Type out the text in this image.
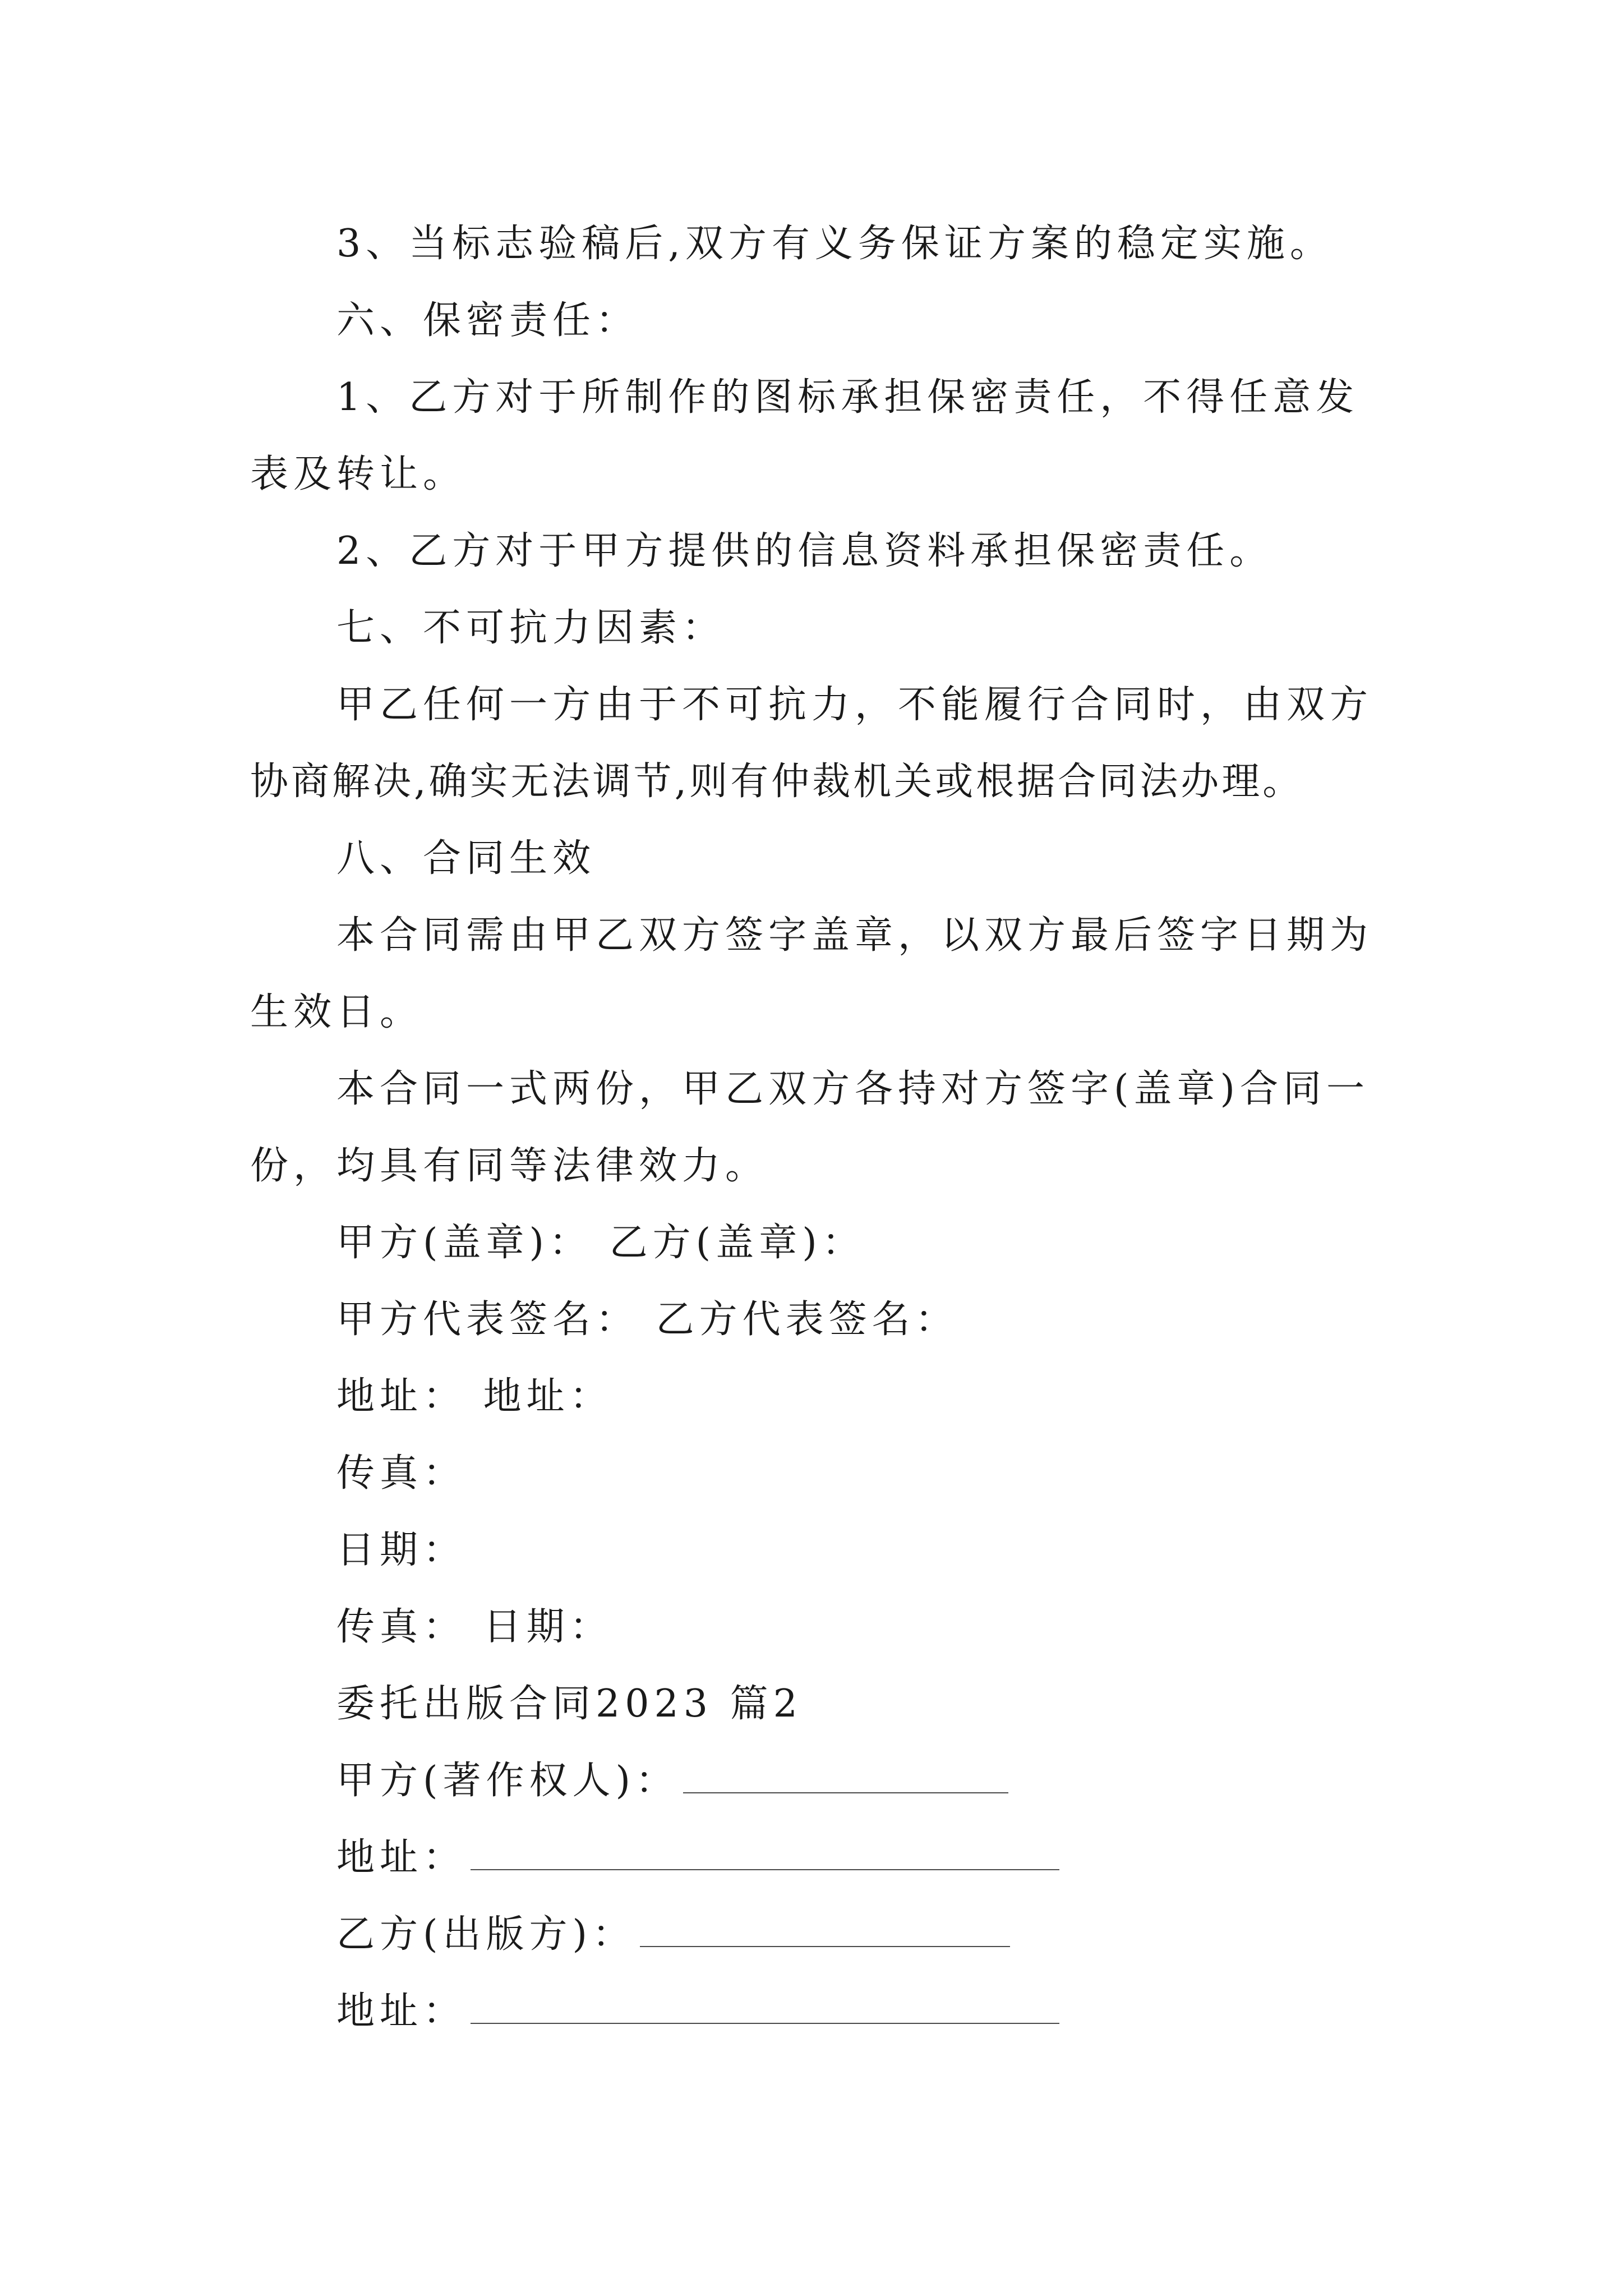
3、当标志验稿后,双方有义务保证方案的稳定实施。
六、保密责任：
1、乙方对于所制作的图标承担保密责任，不得任意发
表及转让。
2、乙方对于甲方提供的信息资料承担保密责任。
七、不可抗力因素：
甲乙任何一方由于不可抗力，不能履行合同时，由双方
协商解决,确实无法调节,则有仲裁机关或根据合同法办理。
八、合同生效
本合同需由甲乙双方签字盖章，以双方最后签字日期为
生效日。
本合同一式两份，甲乙双方各持对方签字(盖章)合同一
份，均具有同等法律效力。
甲方(盖章)： 乙方(盖章)：
甲方代表签名： 乙方代表签名：
地址： 地址：
传真：
日期：
传真： 日期：
委托出版合同2023 篇2
甲方(著作权人)：
地址：
乙方(出版方)：
地址：
